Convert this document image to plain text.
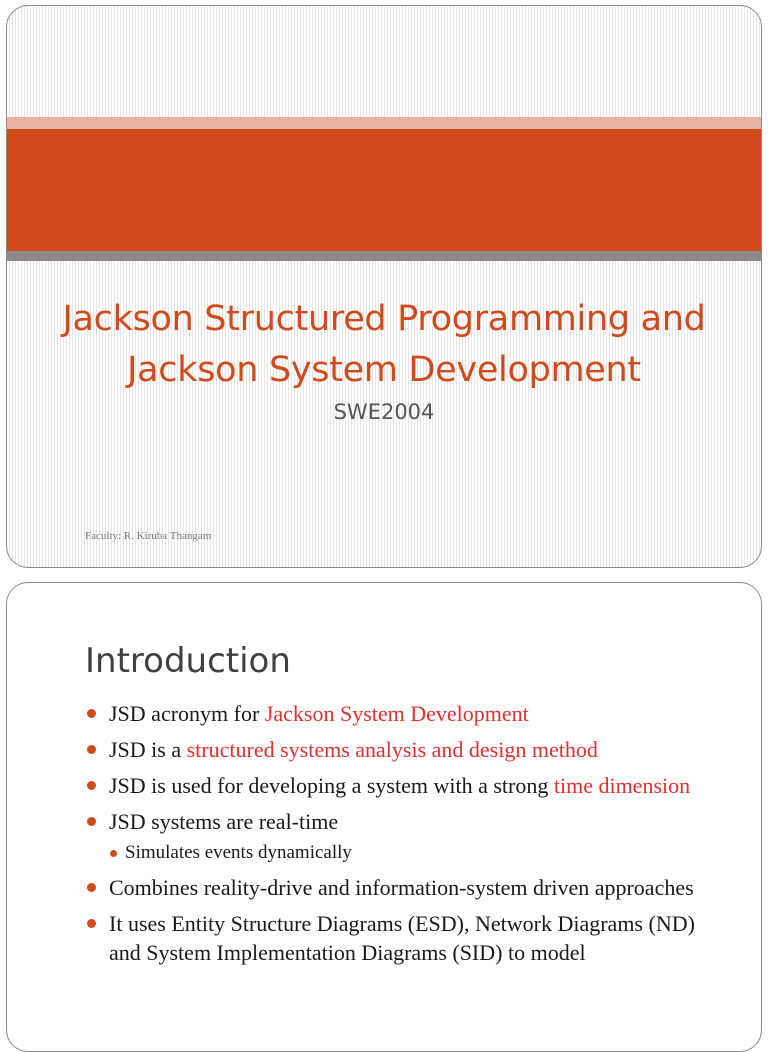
Jackson Structured Programming and
Jackson System Development
SWE2004
Faculty: R. Kiruba Thangam
Introduction
JSD acronym for Jackson System Development
JSD is a structured systems analysis and design method
JSD is used for developing a system with a strong time dimension
JSD systems are real-time
Simulates events dynamically
Combines reality-drive and information-system driven approaches
It uses Entity Structure Diagrams (ESD), Network Diagrams (ND) and System Implementation Diagrams (SID) to model
